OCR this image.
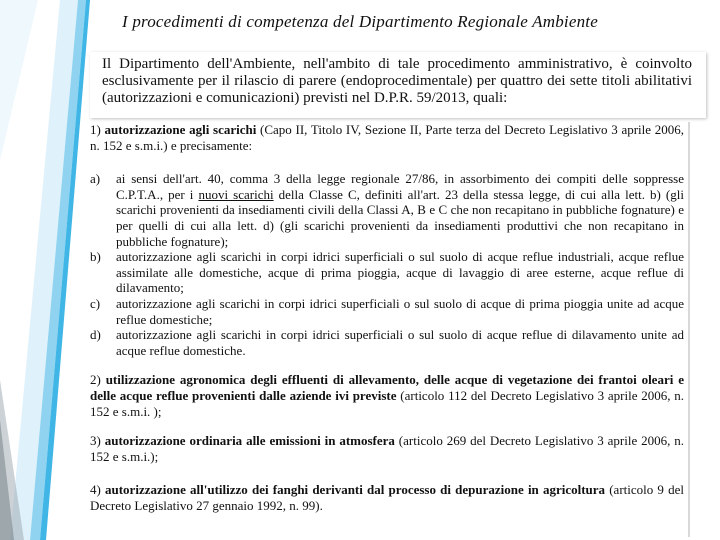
I procedimenti di competenza del Dipartimento Regionale Ambiente
Il Dipartimento dell'Ambiente, nell'ambito di tale procedimento amministrativo, è coinvolto esclusivamente per il rilascio di parere (endoprocedimentale) per quattro dei sette titoli abilitativi (autorizzazioni e comunicazioni) previsti nel D.P.R. 59/2013, quali:

1) autorizzazione agli scarichi (Capo II, Titolo IV, Sezione II, Parte terza del Decreto Legislativo 3 aprile 2006, n. 152 e s.m.i.) e precisamente:

a)	ai sensi dell'art. 40, comma 3 della legge regionale 27/86, in assorbimento dei compiti delle soppresse C.P.T.A., per i nuovi scarichi della Classe C, definiti all'art. 23 della stessa legge, di cui alla lett. b) (gli scarichi provenienti da insediamenti civili della Classi A, B e C che non recapitano in pubbliche fognature) e per quelli di cui alla lett. d) (gli scarichi provenienti da insediamenti produttivi che non recapitano in pubbliche fognature);
b)	autorizzazione agli scarichi in corpi idrici superficiali o sul suolo di acque reflue industriali, acque reflue assimilate alle domestiche, acque di prima pioggia, acque di lavaggio di aree esterne, acque reflue di dilavamento;
c)	autorizzazione agli scarichi in corpi idrici superficiali o sul suolo di acque di prima pioggia unite ad acque reflue domestiche;
d)	autorizzazione agli scarichi in corpi idrici superficiali o sul suolo di acque reflue di dilavamento unite ad acque reflue domestiche.

2) utilizzazione agronomica degli effluenti di allevamento, delle acque di vegetazione dei frantoi oleari e delle acque reflue provenienti dalle aziende ivi previste (articolo 112 del Decreto Legislativo 3 aprile 2006, n. 152 e s.m.i. );

3) autorizzazione ordinaria alle emissioni in atmosfera (articolo 269 del Decreto Legislativo 3 aprile 2006, n. 152 e s.m.i.);

4) autorizzazione all'utilizzo dei fanghi derivanti dal processo di depurazione in agricoltura (articolo 9 del Decreto Legislativo 27 gennaio 1992, n. 99).
